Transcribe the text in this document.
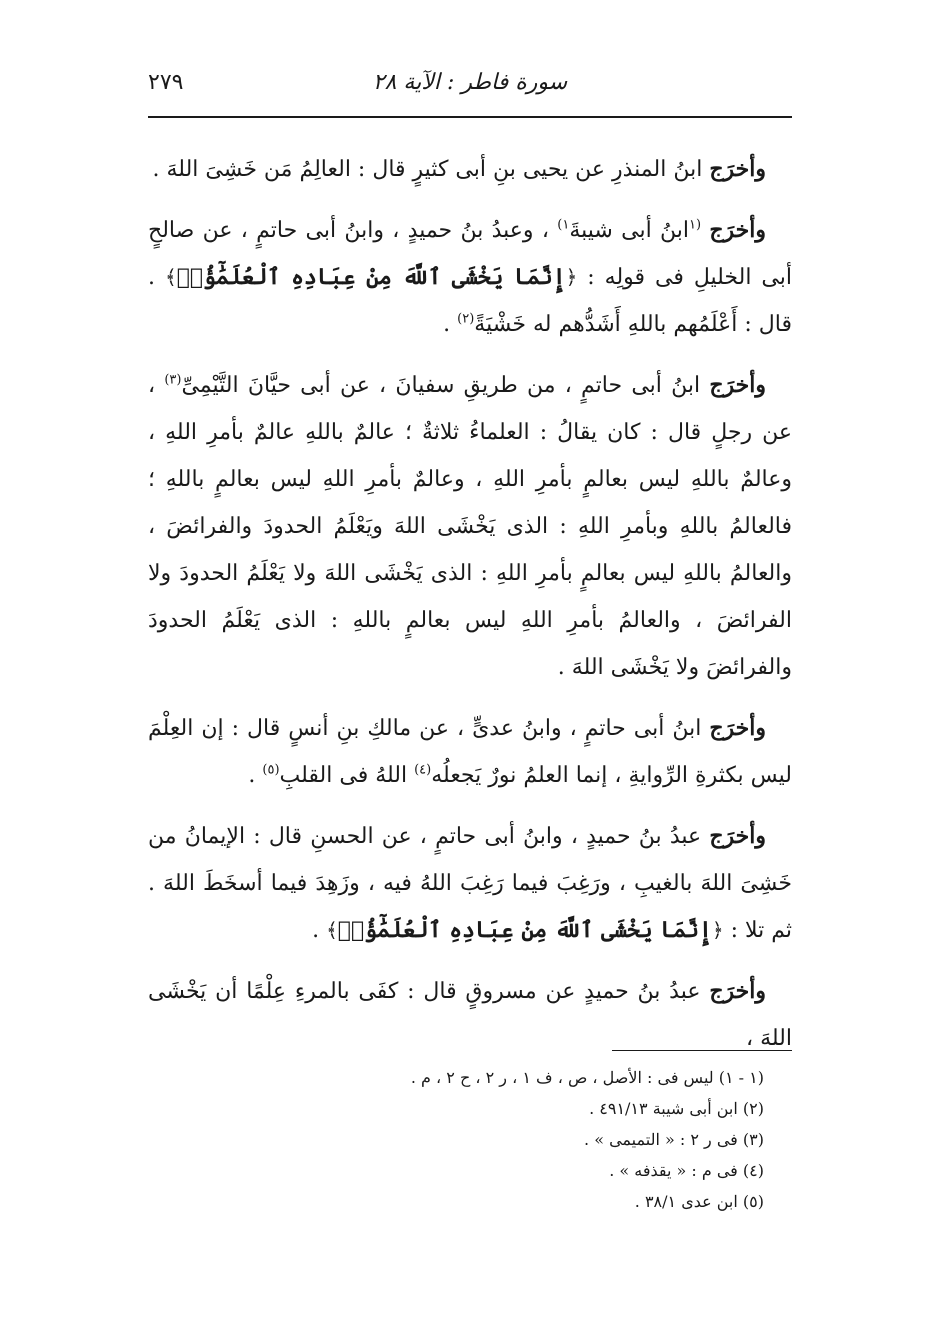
سورة فاطر : الآية ٢٨
٢٧٩

وأخرَج ابنُ المنذرِ عن يحيى بنِ أبى كثيرٍ قال : العالِمُ مَن خَشِىَ اللهَ .

وأخرَج $^{(١}$ابنُ أبى شيبةَ$^{١)}$ ، وعبدُ بنُ حميدٍ ، وابنُ أبى حاتمٍ ، عن صالحٍ أبى الخليلِ فى قولِه : ﴿إِنَّمَا يَخْشَى ٱللَّهَ مِنْ عِبَادِهِ ٱلْعُلَمَٰٓؤُا۟﴾ . قال : أَعْلَمُهم باللهِ أَشَدُّهم له خَشْيَةً$^{(٢)}$ .

وأخرَج ابنُ أبى حاتمٍ ، من طريقِ سفيانَ ، عن أبى حيَّانَ التَّيْمِىِّ$^{(٣)}$ ، عن رجلٍ قال : كان يقالُ : العلماءُ ثلاثةٌ ؛ عالمٌ باللهِ عالمٌ بأمرِ اللهِ ، وعالمٌ باللهِ ليس بعالمٍ بأمرِ اللهِ ، وعالمٌ بأمرِ اللهِ ليس بعالمٍ باللهِ ؛ فالعالمُ باللهِ وبأمرِ اللهِ : الذى يَخْشَى اللهَ ويَعْلَمُ الحدودَ والفرائضَ ، والعالمُ باللهِ ليس بعالمٍ بأمرِ اللهِ : الذى يَخْشَى اللهَ ولا يَعْلَمُ الحدودَ ولا الفرائضَ ، والعالمُ بأمرِ اللهِ ليس بعالمٍ باللهِ : الذى يَعْلَمُ الحدودَ والفرائضَ ولا يَخْشَى اللهَ .

وأخرَج ابنُ أبى حاتمٍ ، وابنُ عدىٍّ ، عن مالكِ بنِ أنسٍ قال : إن العِلْمَ ليس بكثرةِ الرِّوايةِ ، إنما العلمُ نورٌ يَجعلُه$^{(٤)}$ اللهُ فى القلبِ$^{(٥)}$ .

وأخرَج عبدُ بنُ حميدٍ ، وابنُ أبى حاتمٍ ، عن الحسنِ قال : الإيمانُ من خَشِىَ اللهَ بالغيبِ ، ورَغِبَ فيما رَغِبَ اللهُ فيه ، وزَهِدَ فيما أسخَطَ اللهَ . ثم تلا : ﴿إِنَّمَا يَخْشَى ٱللَّهَ مِنْ عِبَادِهِ ٱلْعُلَمَٰٓؤُا۟﴾ .

وأخرَج عبدُ بنُ حميدٍ عن مسروقٍ قال : كفَى بالمرءِ عِلْمًا أن يَخْشَى اللهَ ،

(١ - ١) ليس فى : الأصل ، ص ، ف ١ ، ر ٢ ، ح ٢ ، م .

(٢) ابن أبى شيبة ٤٩١/١٣ .

(٣) فى ر ٢ : « التميمى » .

(٤) فى م : « يقذفه » .

(٥) ابن عدى ٣٨/١ .
